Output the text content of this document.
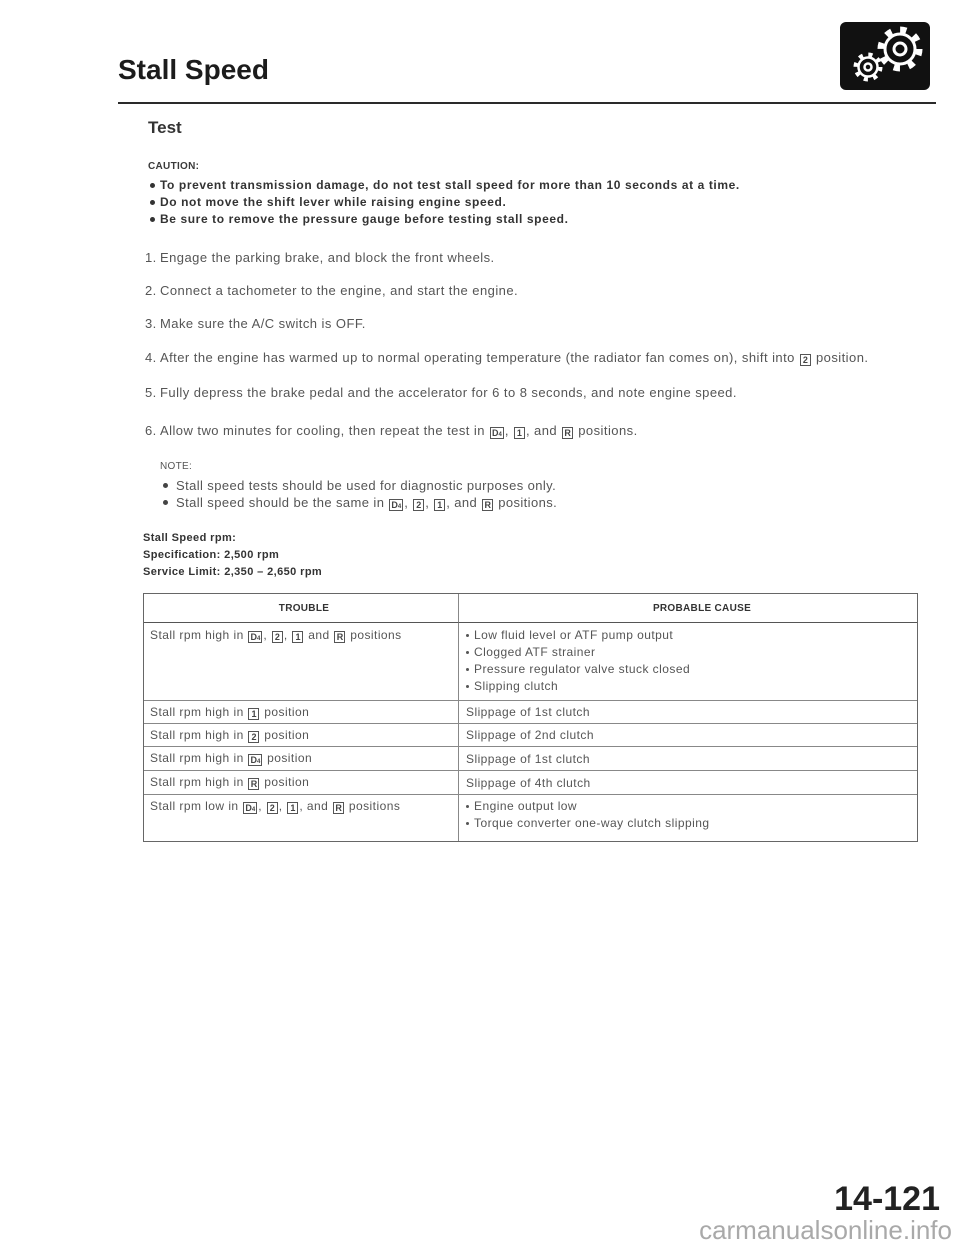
Stall Speed
Test
CAUTION:
To prevent transmission damage, do not test stall speed for more than 10 seconds at a time.
Do not move the shift lever while raising engine speed.
Be sure to remove the pressure gauge before testing stall speed.
1. Engage the parking brake, and block the front wheels.
2. Connect a tachometer to the engine, and start the engine.
3. Make sure the A/C switch is OFF.
4. After the engine has warmed up to normal operating temperature (the radiator fan comes on), shift into 2 position.
5. Fully depress the brake pedal and the accelerator for 6 to 8 seconds, and note engine speed.
6. Allow two minutes for cooling, then repeat the test in D4 , 1 , and R positions.
NOTE:
Stall speed tests should be used for diagnostic purposes only.
Stall speed should be the same in D4 , 2 , 1 , and R positions.
Stall Speed rpm:
Specification: 2,500 rpm
Service Limit: 2,350 – 2,650 rpm
TROUBLE	PROBABLE CAUSE
Stall rpm high in D4 , 2 , 1 and R positions	Low fluid level or ATF pump output
Clogged ATF strainer
Pressure regulator valve stuck closed
Slipping clutch
Stall rpm high in 1 position	Slippage of 1st clutch
Stall rpm high in 2 position	Slippage of 2nd clutch
Stall rpm high in D4 position	Slippage of 1st clutch
Stall rpm high in R position	Slippage of 4th clutch
Stall rpm low in D4 , 2 , 1 , and R positions	Engine output low
Torque converter one-way clutch slipping
14-121
carmanualsonline.info
